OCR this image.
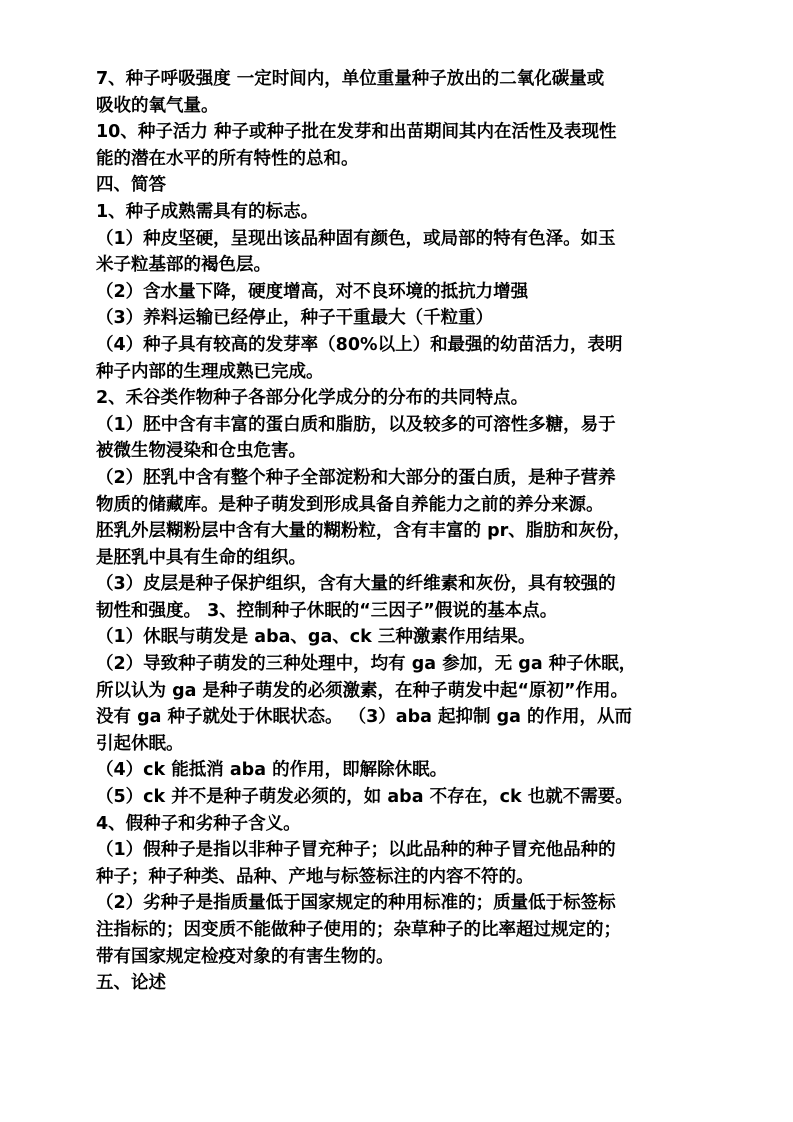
7、种子呼吸强度 一定时间内，单位重量种子放出的二氧化碳量或
吸收的氧气量。
10、种子活力 种子或种子批在发芽和出苗期间其内在活性及表现性
能的潜在水平的所有特性的总和。
四、简答
1、种子成熟需具有的标志。
（1）种皮坚硬，呈现出该品种固有颜色，或局部的特有色泽。如玉
米子粒基部的褐色层。
（2）含水量下降，硬度增高，对不良环境的抵抗力增强
（3）养料运输已经停止，种子干重最大（千粒重）
（4）种子具有较高的发芽率（80%以上）和最强的幼苗活力，表明
种子内部的生理成熟已完成。
2、禾谷类作物种子各部分化学成分的分布的共同特点。
（1）胚中含有丰富的蛋白质和脂肪，以及较多的可溶性多糖，易于
被微生物浸染和仓虫危害。
（2）胚乳中含有整个种子全部淀粉和大部分的蛋白质，是种子营养
物质的储藏库。是种子萌发到形成具备自养能力之前的养分来源。
胚乳外层糊粉层中含有大量的糊粉粒，含有丰富的 pr、脂肪和灰份，
是胚乳中具有生命的组织。
（3）皮层是种子保护组织，含有大量的纤维素和灰份，具有较强的
韧性和强度。 3、控制种子休眠的“三因子”假说的基本点。
（1）休眠与萌发是 aba、ga、ck 三种激素作用结果。
（2）导致种子萌发的三种处理中，均有 ga 参加，无 ga 种子休眠，
所以认为 ga 是种子萌发的必须激素，在种子萌发中起“原初”作用。
没有 ga 种子就处于休眠状态。 （3）aba 起抑制 ga 的作用，从而
引起休眠。
（4）ck 能抵消 aba 的作用，即解除休眠。
（5）ck 并不是种子萌发必须的，如 aba 不存在，ck 也就不需要。
4、假种子和劣种子含义。
（1）假种子是指以非种子冒充种子；以此品种的种子冒充他品种的
种子；种子种类、品种、产地与标签标注的内容不符的。
（2）劣种子是指质量低于国家规定的种用标准的；质量低于标签标
注指标的；因变质不能做种子使用的；杂草种子的比率超过规定的；
带有国家规定检疫对象的有害生物的。
五、论述
